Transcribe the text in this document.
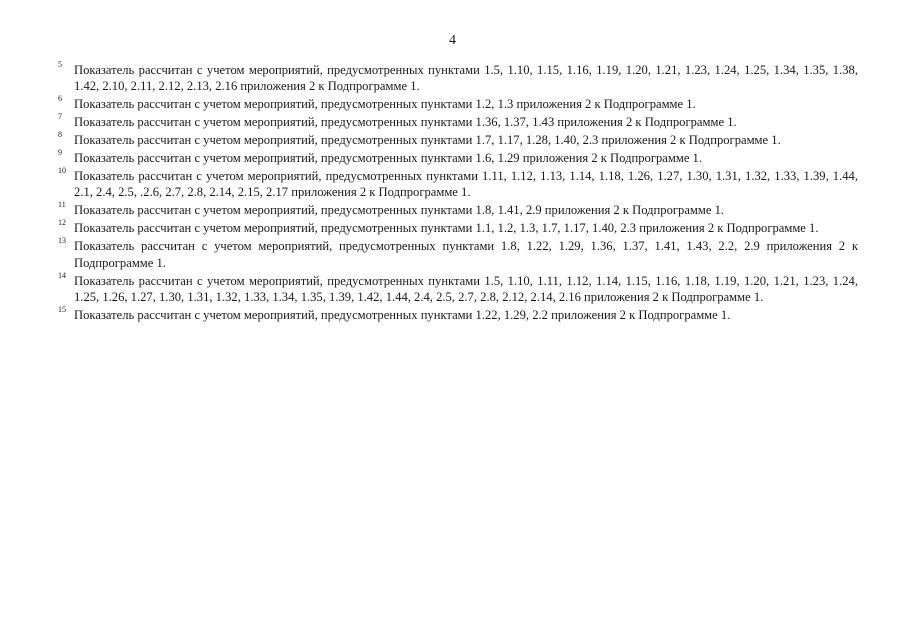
4

5 Показатель рассчитан с учетом мероприятий, предусмотренных пунктами 1.5, 1.10, 1.15, 1.16, 1.19, 1.20, 1.21, 1.23, 1.24, 1.25, 1.34, 1.35, 1.38, 1.42, 2.10, 2.11, 2.12, 2.13, 2.16 приложения 2 к Подпрограмме 1.

6 Показатель рассчитан с учетом мероприятий, предусмотренных пунктами 1.2, 1.3 приложения 2 к Подпрограмме 1.

7 Показатель рассчитан с учетом мероприятий, предусмотренных пунктами 1.36, 1.37, 1.43 приложения 2 к Подпрограмме 1.

8 Показатель рассчитан с учетом мероприятий, предусмотренных пунктами 1.7, 1.17, 1.28, 1.40, 2.3 приложения 2 к Подпрограмме 1.

9 Показатель рассчитан с учетом мероприятий, предусмотренных пунктами 1.6, 1.29 приложения 2 к Подпрограмме 1.

10 Показатель рассчитан с учетом мероприятий, предусмотренных пунктами 1.11, 1.12, 1.13, 1.14, 1.18, 1.26, 1.27, 1.30, 1.31, 1.32, 1.33, 1.39, 1.44, 2.1, 2.4, 2.5, .2.6, 2.7, 2.8, 2.14, 2.15, 2.17 приложения 2 к Подпрограмме 1.

11 Показатель рассчитан с учетом мероприятий, предусмотренных пунктами 1.8, 1.41, 2.9 приложения 2 к Подпрограмме 1.

12 Показатель рассчитан с учетом мероприятий, предусмотренных пунктами 1.1, 1.2, 1.3, 1.7, 1.17, 1.40, 2.3 приложения 2 к Подпрограмме 1.

13 Показатель рассчитан с учетом мероприятий, предусмотренных пунктами 1.8, 1.22, 1.29, 1.36, 1.37, 1.41, 1.43, 2.2, 2.9 приложения 2 к Подпрограмме 1.

14 Показатель рассчитан с учетом мероприятий, предусмотренных пунктами 1.5, 1.10, 1.11, 1.12, 1.14, 1.15, 1.16, 1.18, 1.19, 1.20, 1.21, 1.23, 1.24, 1.25, 1.26, 1.27, 1.30, 1.31, 1.32, 1.33, 1.34, 1.35, 1.39, 1.42, 1.44, 2.4, 2.5, 2.7, 2.8, 2.12, 2.14, 2.16 приложения 2 к Подпрограмме 1.

15 Показатель рассчитан с учетом мероприятий, предусмотренных пунктами 1.22, 1.29, 2.2 приложения 2 к Подпрограмме 1.
